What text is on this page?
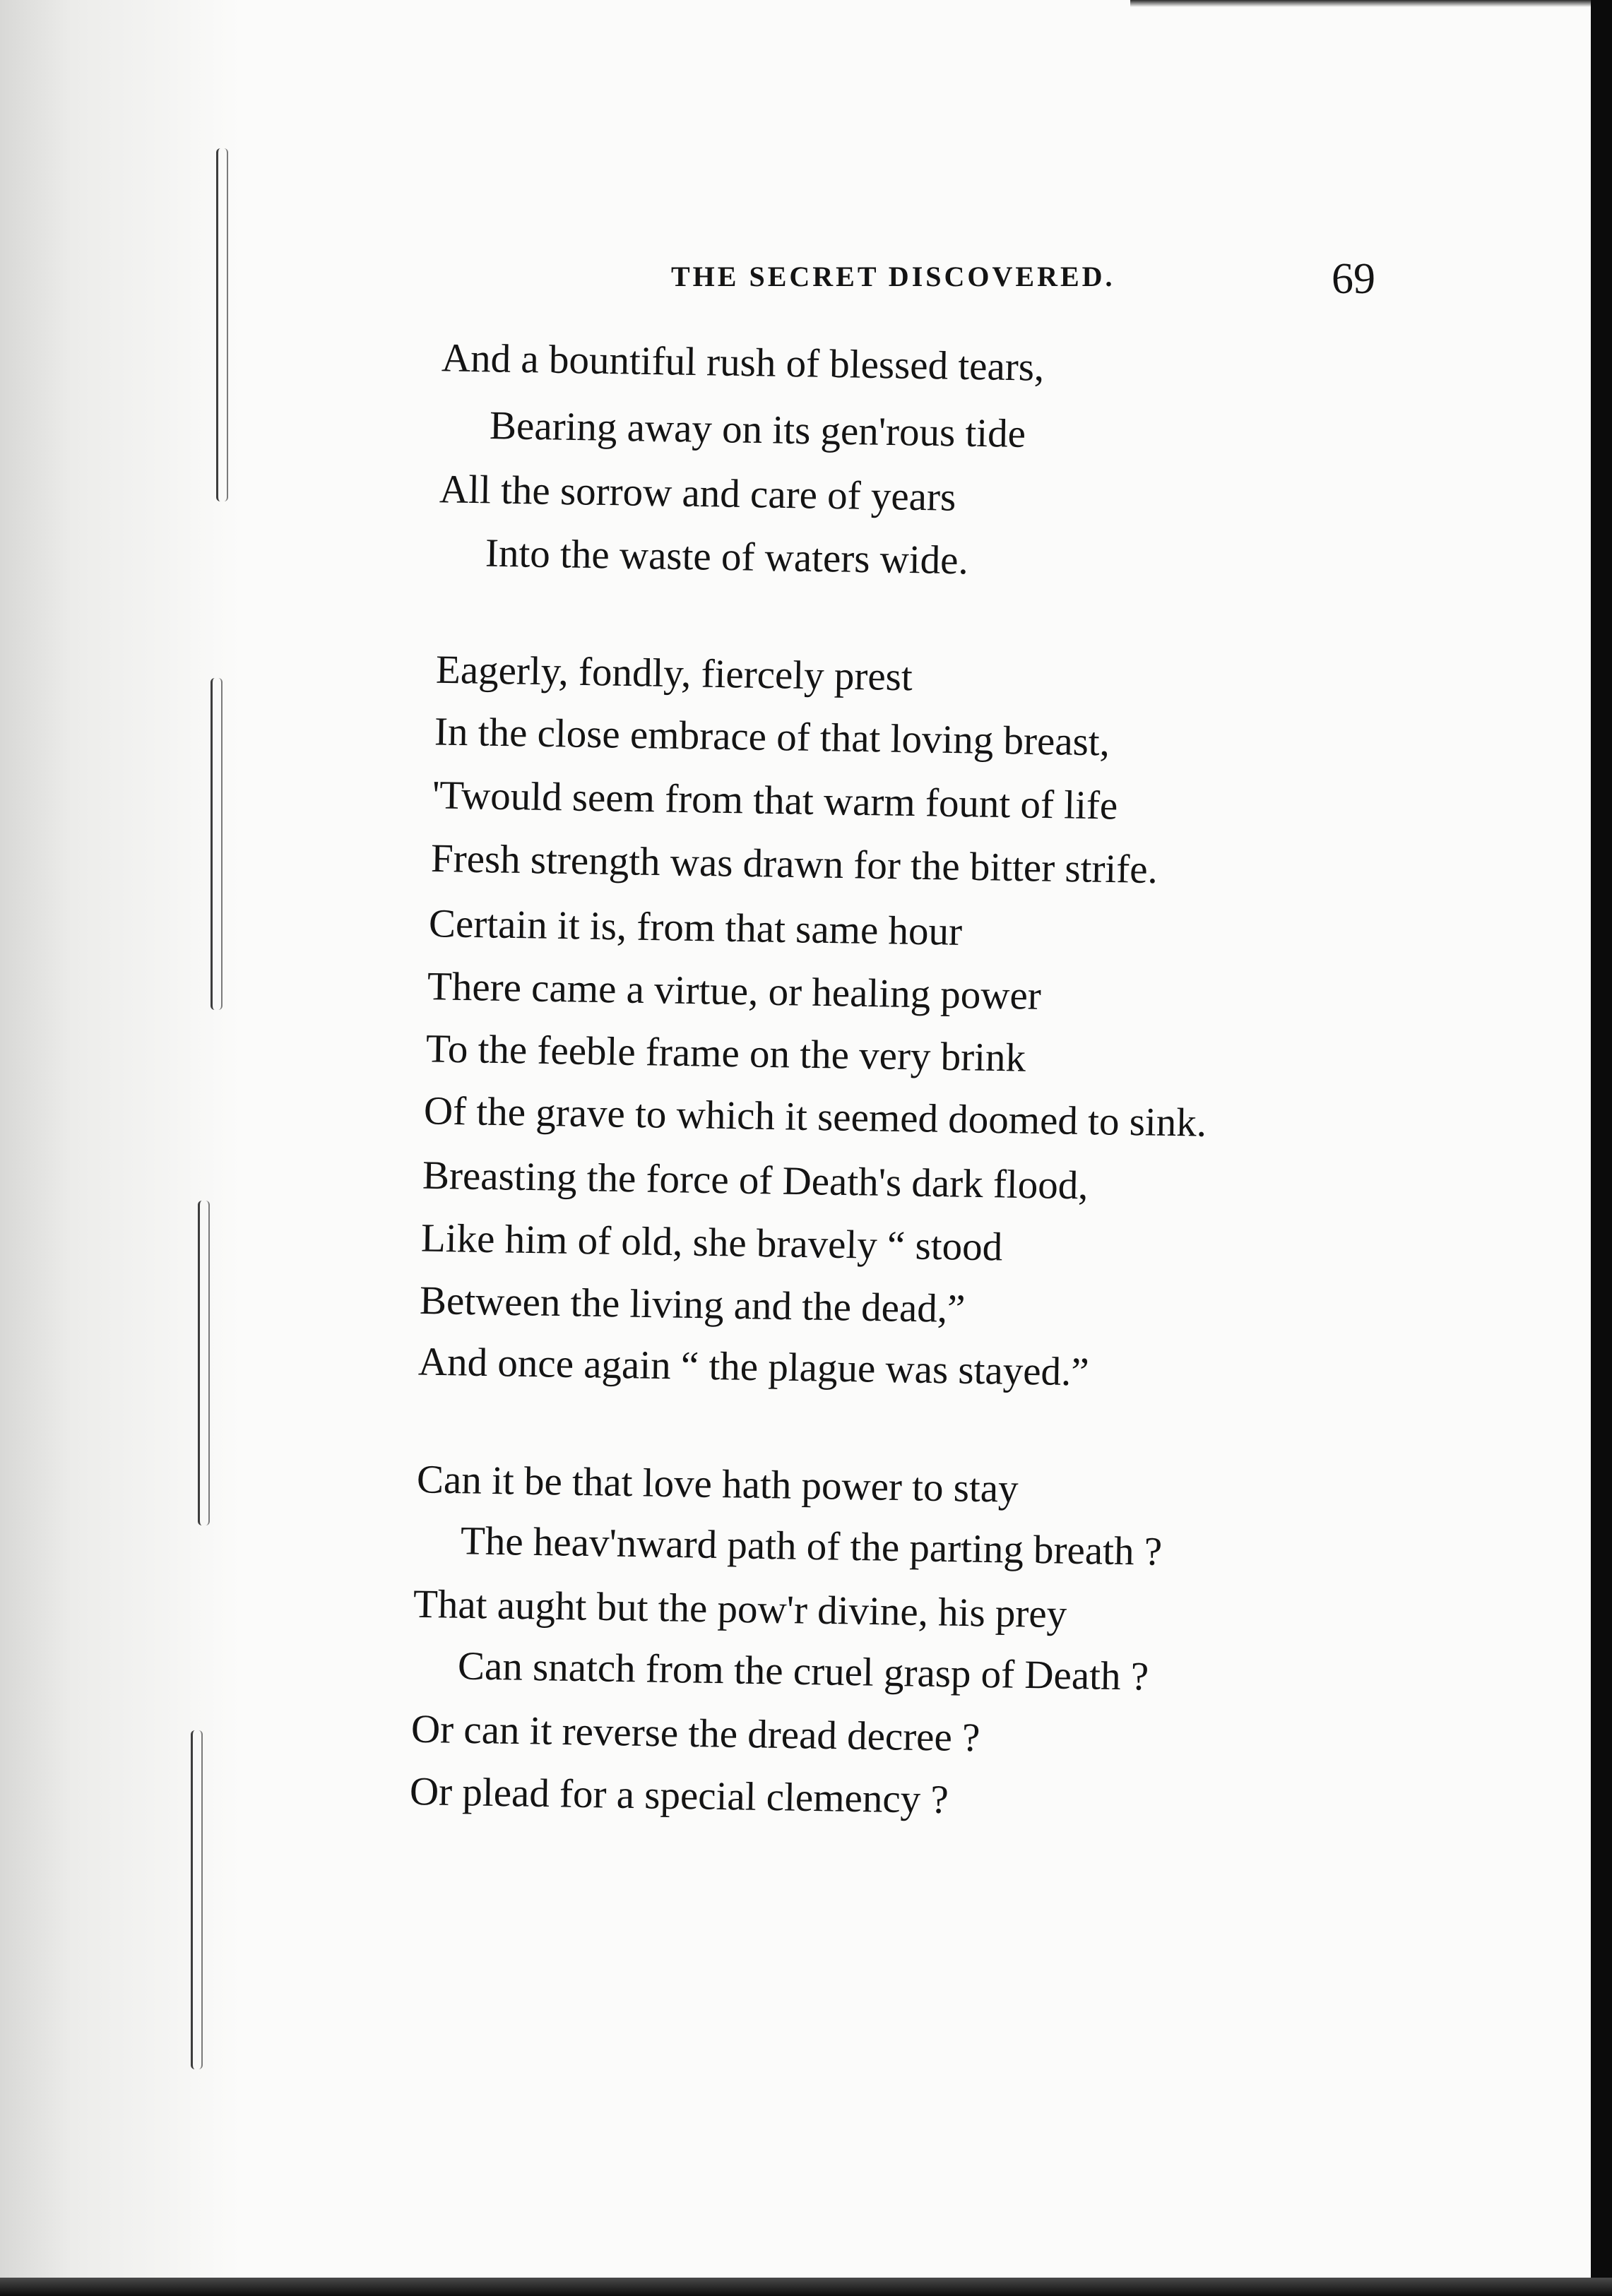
THE SECRET DISCOVERED.	69
And a bountiful rush of blessed tears,
Bearing away on its gen'rous tide
All the sorrow and care of years
Into the waste of waters wide.
Eagerly, fondly, fiercely prest
In the close embrace of that loving breast,
'Twould seem from that warm fount of life
Fresh strength was drawn for the bitter strife.
Certain it is, from that same hour
There came a virtue, or healing power
To the feeble frame on the very brink
Of the grave to which it seemed doomed to sink.
Breasting the force of Death's dark flood,
Like him of old, she bravely “ stood
Between the living and the dead,”
And once again “ the plague was stayed.”
Can it be that love hath power to stay
The heav'nward path of the parting breath ?
That aught but the pow'r divine, his prey
Can snatch from the cruel grasp of Death ?
Or can it reverse the dread decree ?
Or plead for a special clemency ?
